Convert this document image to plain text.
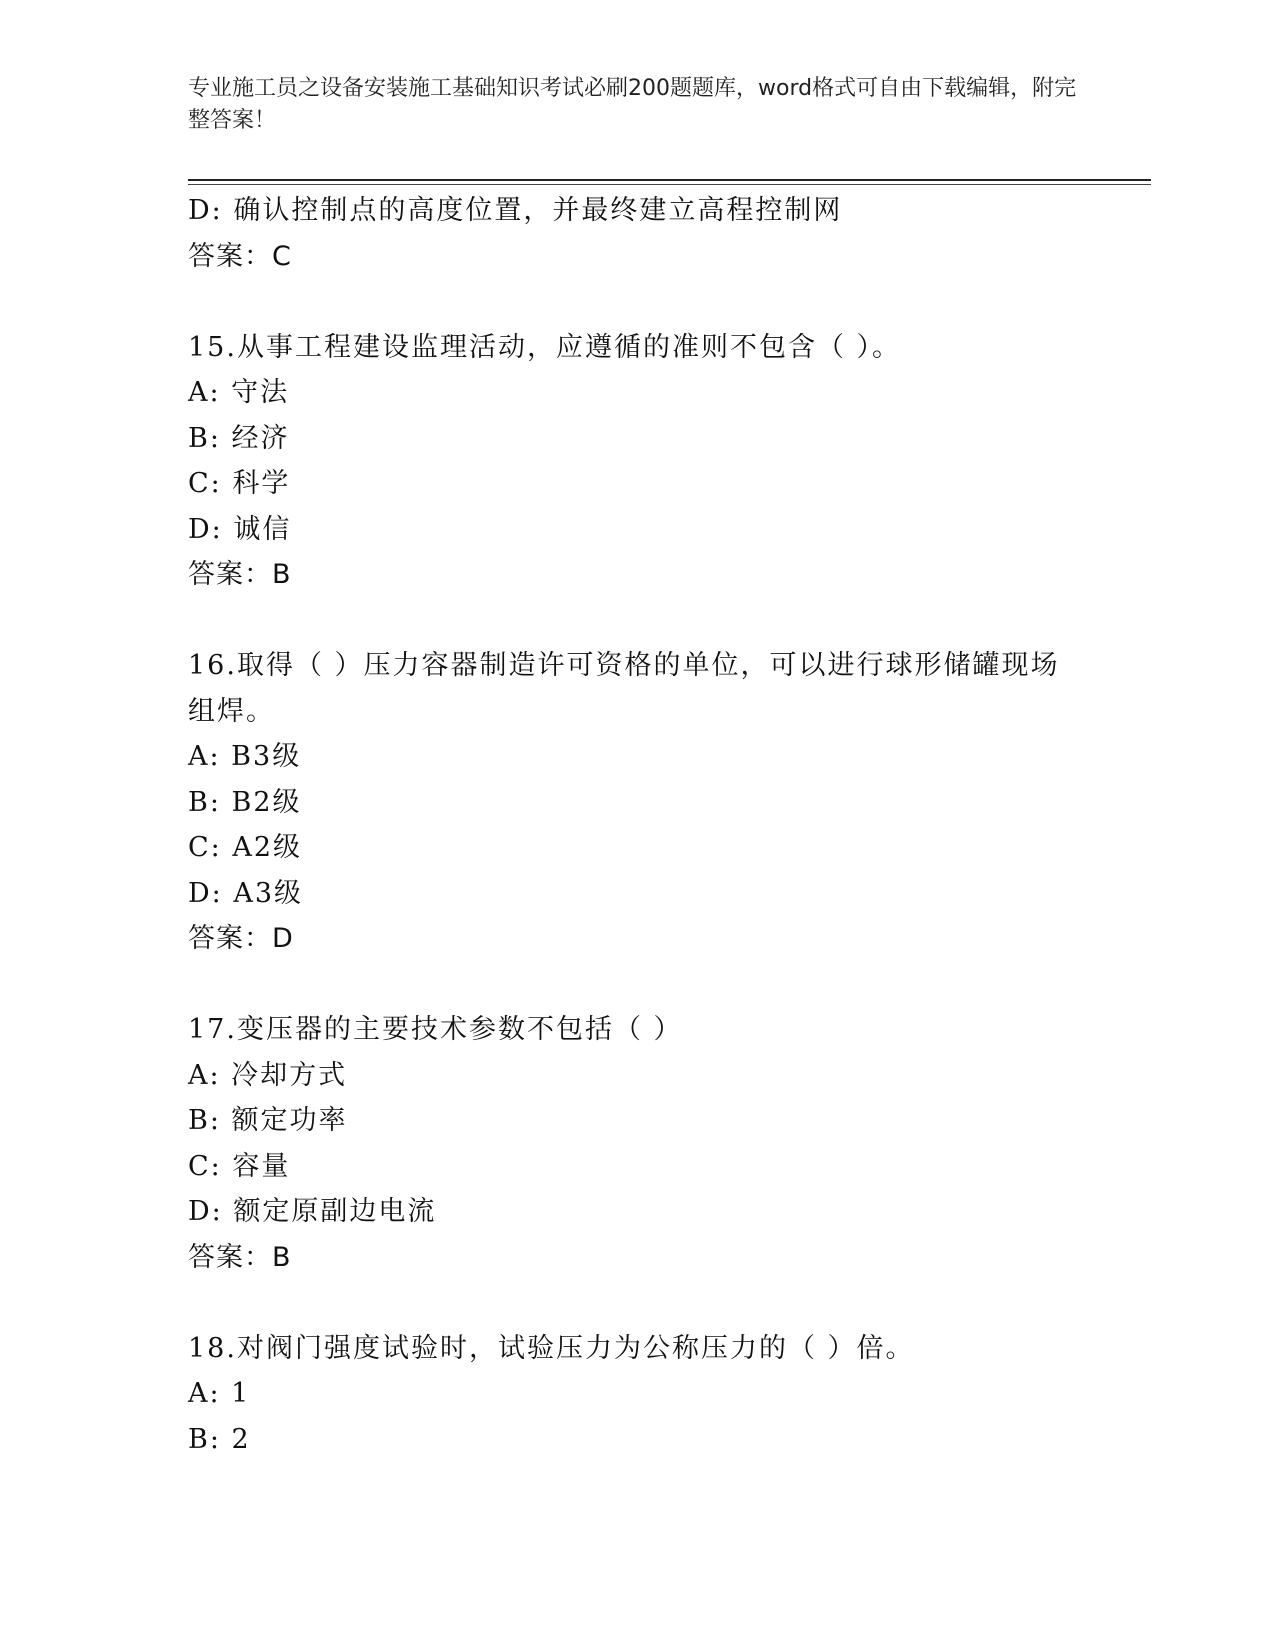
专业施工员之设备安装施工基础知识考试必刷200题题库，word格式可自由下载编辑，附完整答案！
D: 确认控制点的高度位置，并最终建立高程控制网
答案：C
15.从事工程建设监理活动，应遵循的准则不包含（ ）。
A: 守法
B: 经济
C: 科学
D: 诚信
答案：B
16.取得（ ）压力容器制造许可资格的单位，可以进行球形储罐现场组焊。
A: B3级
B: B2级
C: A2级
D: A3级
答案：D
17.变压器的主要技术参数不包括（ ）
A: 冷却方式
B: 额定功率
C: 容量
D: 额定原副边电流
答案：B
18.对阀门强度试验时，试验压力为公称压力的（ ）倍。
A: 1
B: 2
